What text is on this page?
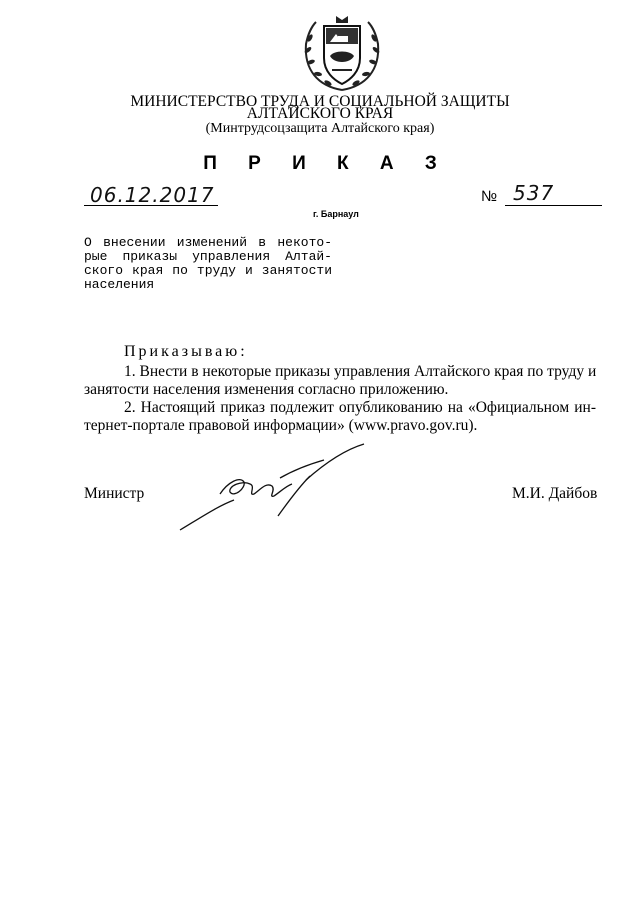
МИНИСТЕРСТВО ТРУДА И СОЦИАЛЬНОЙ ЗАЩИТЫ
АЛТАЙСКОГО КРАЯ
(Минтрудсоцзащита Алтайского края)
П Р И К А З
06.12.2017	№ 537
г. Барнаул
О внесении изменений в некото-
рые приказы управления Алтай-
ского края по труду и занятости
населения
Приказываю:
1. Внести в некоторые приказы управления Алтайского края по труду и
занятости населения изменения согласно приложению.
2. Настоящий приказ подлежит опубликованию на «Официальном ин-
тернет-портале правовой информации» (www.pravo.gov.ru).
Министр	М.И. Дайбов
